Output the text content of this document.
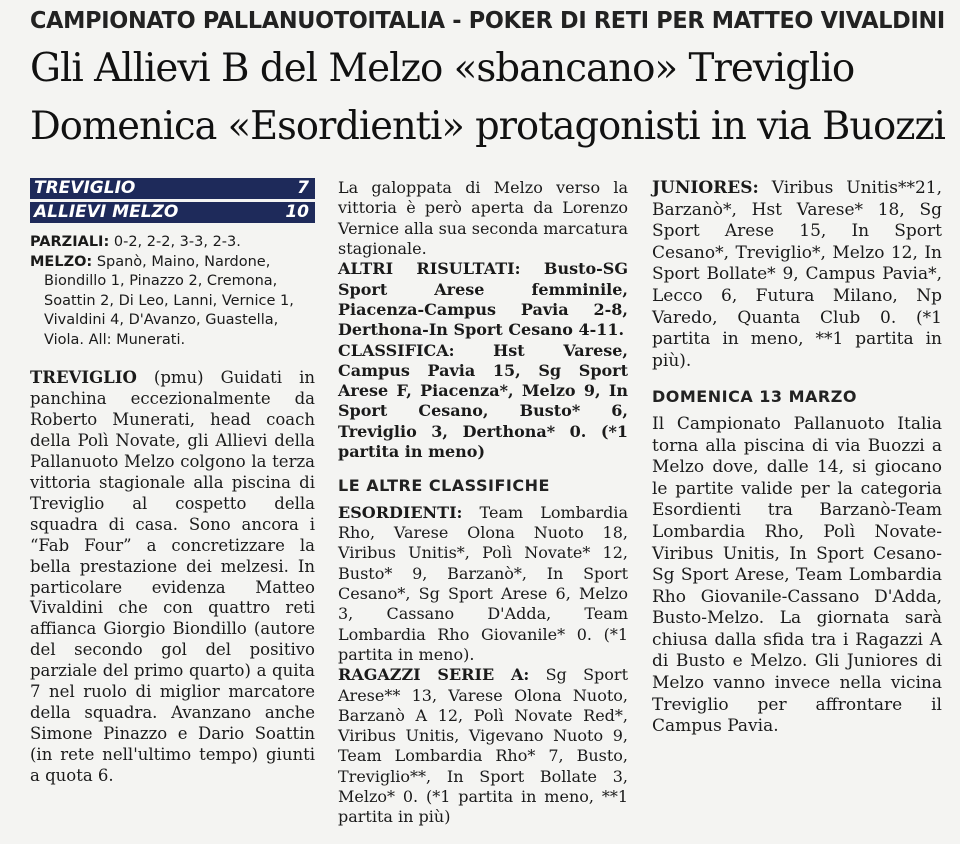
CAMPIONATO PALLANUOTOITALIA - POKER DI RETI PER MATTEO VIVALDINI
Gli Allievi B del Melzo «sbancano» Treviglio
Domenica «Esordienti» protagonisti in via Buozzi
TREVIGLIO	7
ALLIEVI MELZO	10
PARZIALI: 0-2, 2-2, 3-3, 2-3.
MELZO: Spanò, Maino, Nardone,
Biondillo 1, Pinazzo 2, Cremona,
Soattin 2, Di Leo, Lanni, Vernice 1,
Vivaldini 4, D'Avanzo, Guastella,
Viola. All: Munerati.
TREVIGLIO (pmu) Guidati in panchina eccezionalmente da Roberto Munerati, head coach della Polì Novate, gli Allievi della Pallanuoto Melzo colgono la terza vittoria stagionale alla piscina di Treviglio al cospetto della squadra di casa. Sono ancora i “Fab Four” a concretizzare la bella prestazione dei melzesi. In particolare evidenza Matteo Vivaldini che con quattro reti affianca Giorgio Biondillo (autore del secondo gol del positivo parziale del primo quarto) a quita 7 nel ruolo di miglior marcatore della squadra. Avanzano anche Simone Pinazzo e Dario Soattin (in rete nell'ultimo tempo) giunti a quota 6.
La galoppata di Melzo verso la vittoria è però aperta da Lorenzo Vernice alla sua seconda marcatura stagionale.
ALTRI RISULTATI: Busto-SG Sport Arese femminile, Piacenza-Campus Pavia 2-8, Derthona-In Sport Cesano 4-11.
CLASSIFICA: Hst Varese, Campus Pavia 15, Sg Sport Arese F, Piacenza*, Melzo 9, In Sport Cesano, Busto* 6, Treviglio 3, Derthona* 0. (*1 partita in meno)
LE ALTRE CLASSIFICHE
ESORDIENTI: Team Lombardia Rho, Varese Olona Nuoto 18, Viribus Unitis*, Polì Novate* 12, Busto* 9, Barzanò*, In Sport Cesano*, Sg Sport Arese 6, Melzo 3, Cassano D'Adda, Team Lombardia Rho Giovanile* 0. (*1 partita in meno).
RAGAZZI SERIE A: Sg Sport Arese** 13, Varese Olona Nuoto, Barzanò A 12, Polì Novate Red*, Viribus Unitis, Vigevano Nuoto 9, Team Lombardia Rho* 7, Busto, Treviglio**, In Sport Bollate 3, Melzo* 0. (*1 partita in meno, **1 partita in più)
JUNIORES: Viribus Unitis**21, Barzanò*, Hst Varese* 18, Sg Sport Arese 15, In Sport Cesano*, Treviglio*, Melzo 12, In Sport Bollate* 9, Campus Pavia*, Lecco 6, Futura Milano, Np Varedo, Quanta Club 0. (*1 partita in meno, **1 partita in più).
DOMENICA 13 MARZO
Il Campionato Pallanuoto Italia torna alla piscina di via Buozzi a Melzo dove, dalle 14, si giocano le partite valide per la categoria Esordienti tra Barzanò-Team Lombardia Rho, Polì Novate-Viribus Unitis, In Sport Cesano-Sg Sport Arese, Team Lombardia Rho Giovanile-Cassano D'Adda, Busto-Melzo. La giornata sarà chiusa dalla sfida tra i Ragazzi A di Busto e Melzo. Gli Juniores di Melzo vanno invece nella vicina Treviglio per affrontare il Campus Pavia.
